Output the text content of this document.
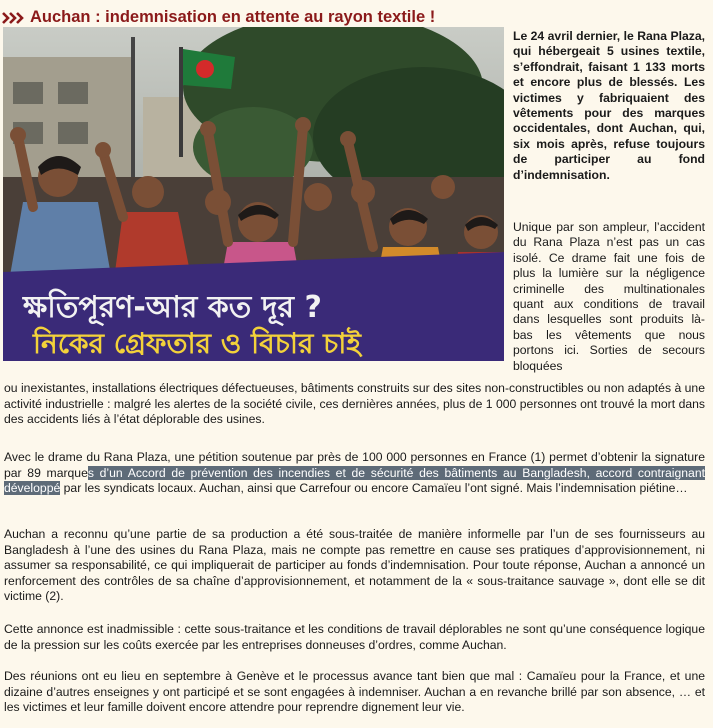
Auchan : indemnisation en attente au rayon textile !
ক্ষতিপূরণ-আর কত দূর ?
নিকের গ্রেফতার ও বিচার চাই

Le 24 avril dernier, le Rana Plaza, qui hébergeait 5 usines textile, s’effondrait, faisant 1 133 morts et encore plus de blessés. Les victimes y fabriquaient des vêtements pour des marques occidentales, dont Auchan, qui, six mois après, refuse toujours de participer au fond d’indemnisation.

Unique par son ampleur, l’accident du Rana Plaza n’est pas un cas isolé. Ce drame fait une fois de plus la lumière sur la négligence criminelle des multinationales quant aux conditions de travail dans lesquelles sont produits là-bas les vêtements que nous portons ici. Sorties de secours bloquées

ou inexistantes, installations électriques défectueuses, bâtiments construits sur des sites non-constructibles ou non adaptés à une activité industrielle : malgré les alertes de la société civile, ces dernières années, plus de 1 000 personnes ont trouvé la mort dans des accidents liés à l’état déplorable des usines.

Avec le drame du Rana Plaza, une pétition soutenue par près de 100 000 personnes en France (1) permet d’obtenir la signature par 89 marques d’un Accord de prévention des incendies et de sécurité des bâtiments au Bangladesh, accord contraignant développé par les syndicats locaux. Auchan, ainsi que Carrefour ou encore Camaïeu l’ont signé. Mais l’indemnisation piétine…

Auchan a reconnu qu’une partie de sa production a été sous-traitée de manière informelle par l’un de ses fournisseurs au Bangladesh à l’une des usines du Rana Plaza, mais ne compte pas remettre en cause ses pratiques d’approvisionnement, ni assumer sa responsabilité, ce qui impliquerait de participer au fonds d’indemnisation. Pour toute réponse, Auchan a annoncé un renforcement des contrôles de sa chaîne d’approvisionnement, et notamment de la « sous-traitance sauvage », dont elle se dit victime (2).

Cette annonce est inadmissible : cette sous-traitance et les conditions de travail déplorables ne sont qu’une conséquence logique de la pression sur les coûts exercée par les entreprises donneuses d’ordres, comme Auchan.

Des réunions ont eu lieu en septembre à Genève et le processus avance tant bien que mal : Camaïeu pour la France, et une dizaine d’autres enseignes y ont participé et se sont engagées à indemniser. Auchan a en revanche brillé par son absence, … et les victimes et leur famille doivent encore attendre pour reprendre dignement leur vie.
